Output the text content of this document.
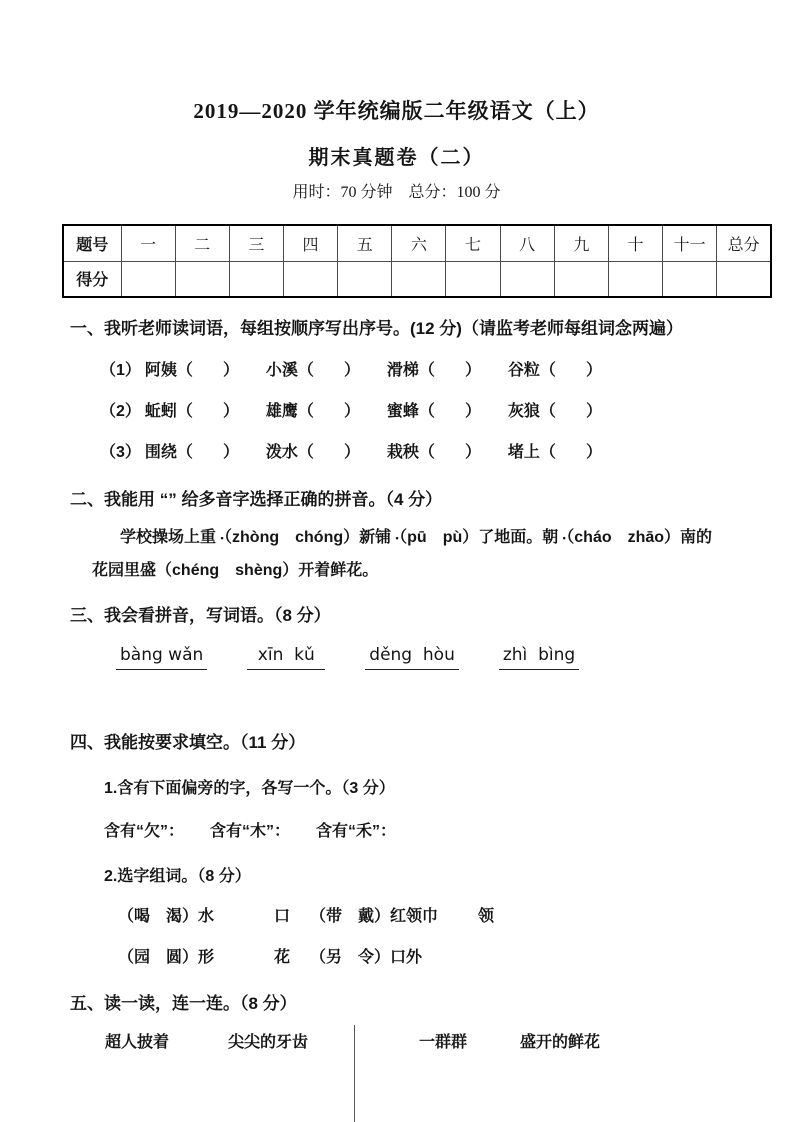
2019—2020 学年统编版二年级语文（上）
期末真题卷（二）
用时：70 分钟　总分：100 分
题号	一	二	三	四	五	六	七	八	九	十	十一	总分
得分												
一、我听老师读词语，每组按顺序写出序号。(12 分)（请监考老师每组词念两遍）
（1） 阿姨 （ ） 小溪 （ ） 滑梯 （ ） 谷粒 （ ）
（2） 蚯蚓 （ ） 雄鹰 （ ） 蜜蜂 （ ） 灰狼 （ ）
（3） 围绕 （ ） 泼水 （ ） 栽秧 （ ） 堵上 （ ）
二、我能用 “” 给多音字选择正确的拼音。（4 分）
学校操场上重 •（zhòng　chóng）新铺 •（pū　pù）了地面。朝 •（cháo　zhāo）南的
花园里盛 •（chéng　shèng）开着鲜花。
三、我会看拼音，写词语。（8 分）
bàng wǎn	xīn  kǔ	děng  hòu	zhì  bìng
四、我能按要求填空。（11 分）
1.含有下面偏旁的字，各写一个。（3 分）
含有“欠”： 含有“木”： 含有“禾”：
2.选字组词。（8 分）
（喝　渴）水	口 （带　戴）红领巾	领
（园　圆）形	花 （另　令）口外
五、读一读，连一连。（8 分）
超人披着	尖尖的牙齿	一群群	盛开的鲜花
